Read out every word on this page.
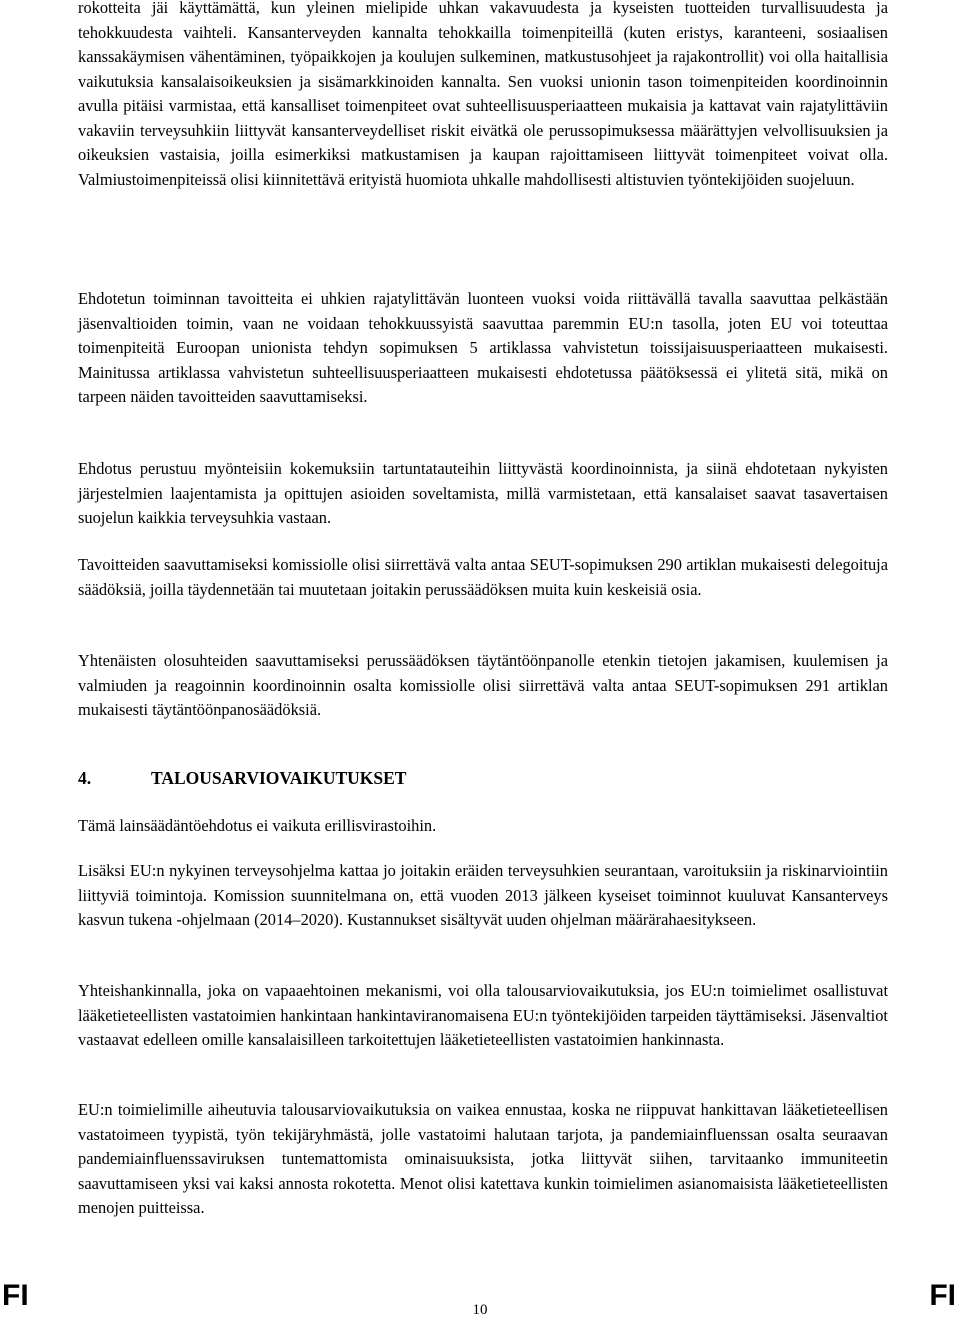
rokotteita jäi käyttämättä, kun yleinen mielipide uhkan vakavuudesta ja kyseisten tuotteiden turvallisuudesta ja tehokkuudesta vaihteli. Kansanterveyden kannalta tehokkailla toimenpiteillä (kuten eristys, karanteeni, sosiaalisen kanssakäymisen vähentäminen, työpaikkojen ja koulujen sulkeminen, matkustusohjeet ja rajakontrollit) voi olla haitallisia vaikutuksia kansalaisoikeuksien ja sisämarkkinoiden kannalta. Sen vuoksi unionin tason toimenpiteiden koordinoinnin avulla pitäisi varmistaa, että kansalliset toimenpiteet ovat suhteellisuusperiaatteen mukaisia ja kattavat vain rajatylittäviin vakaviin terveysuhkiin liittyvät kansanterveydelliset riskit eivätkä ole perussopimuksessa määrättyjen velvollisuuksien ja oikeuksien vastaisia, joilla esimerkiksi matkustamisen ja kaupan rajoittamiseen liittyvät toimenpiteet voivat olla. Valmiustoimenpiteissä olisi kiinnitettävä erityistä huomiota uhkalle mahdollisesti altistuvien työntekijöiden suojeluun.

Ehdotetun toiminnan tavoitteita ei uhkien rajatylittävän luonteen vuoksi voida riittävällä tavalla saavuttaa pelkästään jäsenvaltioiden toimin, vaan ne voidaan tehokkuussyistä saavuttaa paremmin EU:n tasolla, joten EU voi toteuttaa toimenpiteitä Euroopan unionista tehdyn sopimuksen 5 artiklassa vahvistetun toissijaisuusperiaatteen mukaisesti. Mainitussa artiklassa vahvistetun suhteellisuusperiaatteen mukaisesti ehdotetussa päätöksessä ei ylitetä sitä, mikä on tarpeen näiden tavoitteiden saavuttamiseksi.

Ehdotus perustuu myönteisiin kokemuksiin tartuntatauteihin liittyvästä koordinoinnista, ja siinä ehdotetaan nykyisten järjestelmien laajentamista ja opittujen asioiden soveltamista, millä varmistetaan, että kansalaiset saavat tasavertaisen suojelun kaikkia terveysuhkia vastaan.

Tavoitteiden saavuttamiseksi komissiolle olisi siirrettävä valta antaa SEUT-sopimuksen 290 artiklan mukaisesti delegoituja säädöksiä, joilla täydennetään tai muutetaan joitakin perussäädöksen muita kuin keskeisiä osia.

Yhtenäisten olosuhteiden saavuttamiseksi perussäädöksen täytäntöönpanolle etenkin tietojen jakamisen, kuulemisen ja valmiuden ja reagoinnin koordinoinnin osalta komissiolle olisi siirrettävä valta antaa SEUT-sopimuksen 291 artiklan mukaisesti täytäntöönpanosäädöksiä.

4.	TALOUSARVIOVAIKUTUKSET

Tämä lainsäädäntöehdotus ei vaikuta erillisvirastoihin.

Lisäksi EU:n nykyinen terveysohjelma kattaa jo joitakin eräiden terveysuhkien seurantaan, varoituksiin ja riskinarviointiin liittyviä toimintoja. Komission suunnitelmana on, että vuoden 2013 jälkeen kyseiset toiminnot kuuluvat Kansanterveys kasvun tukena -ohjelmaan (2014–2020). Kustannukset sisältyvät uuden ohjelman määrärahaesitykseen.

Yhteishankinnalla, joka on vapaaehtoinen mekanismi, voi olla talousarviovaikutuksia, jos EU:n toimielimet osallistuvat lääketieteellisten vastatoimien hankintaan hankintaviranomaisena EU:n työntekijöiden tarpeiden täyttämiseksi. Jäsenvaltiot vastaavat edelleen omille kansalaisilleen tarkoitettujen lääketieteellisten vastatoimien hankinnasta.

EU:n toimielimille aiheutuvia talousarviovaikutuksia on vaikea ennustaa, koska ne riippuvat hankittavan lääketieteellisen vastatoimeen tyypistä, työn tekijäryhmästä, jolle vastatoimi halutaan tarjota, ja pandemiainfluenssan osalta seuraavan pandemiainfluenssaviruksen tuntemattomista ominaisuuksista, jotka liittyvät siihen, tarvitaanko immuniteetin saavuttamiseen yksi vai kaksi annosta rokotetta. Menot olisi katettava kunkin toimielimen asianomaisista lääketieteellisten menojen puitteissa.

FI	10	FI
